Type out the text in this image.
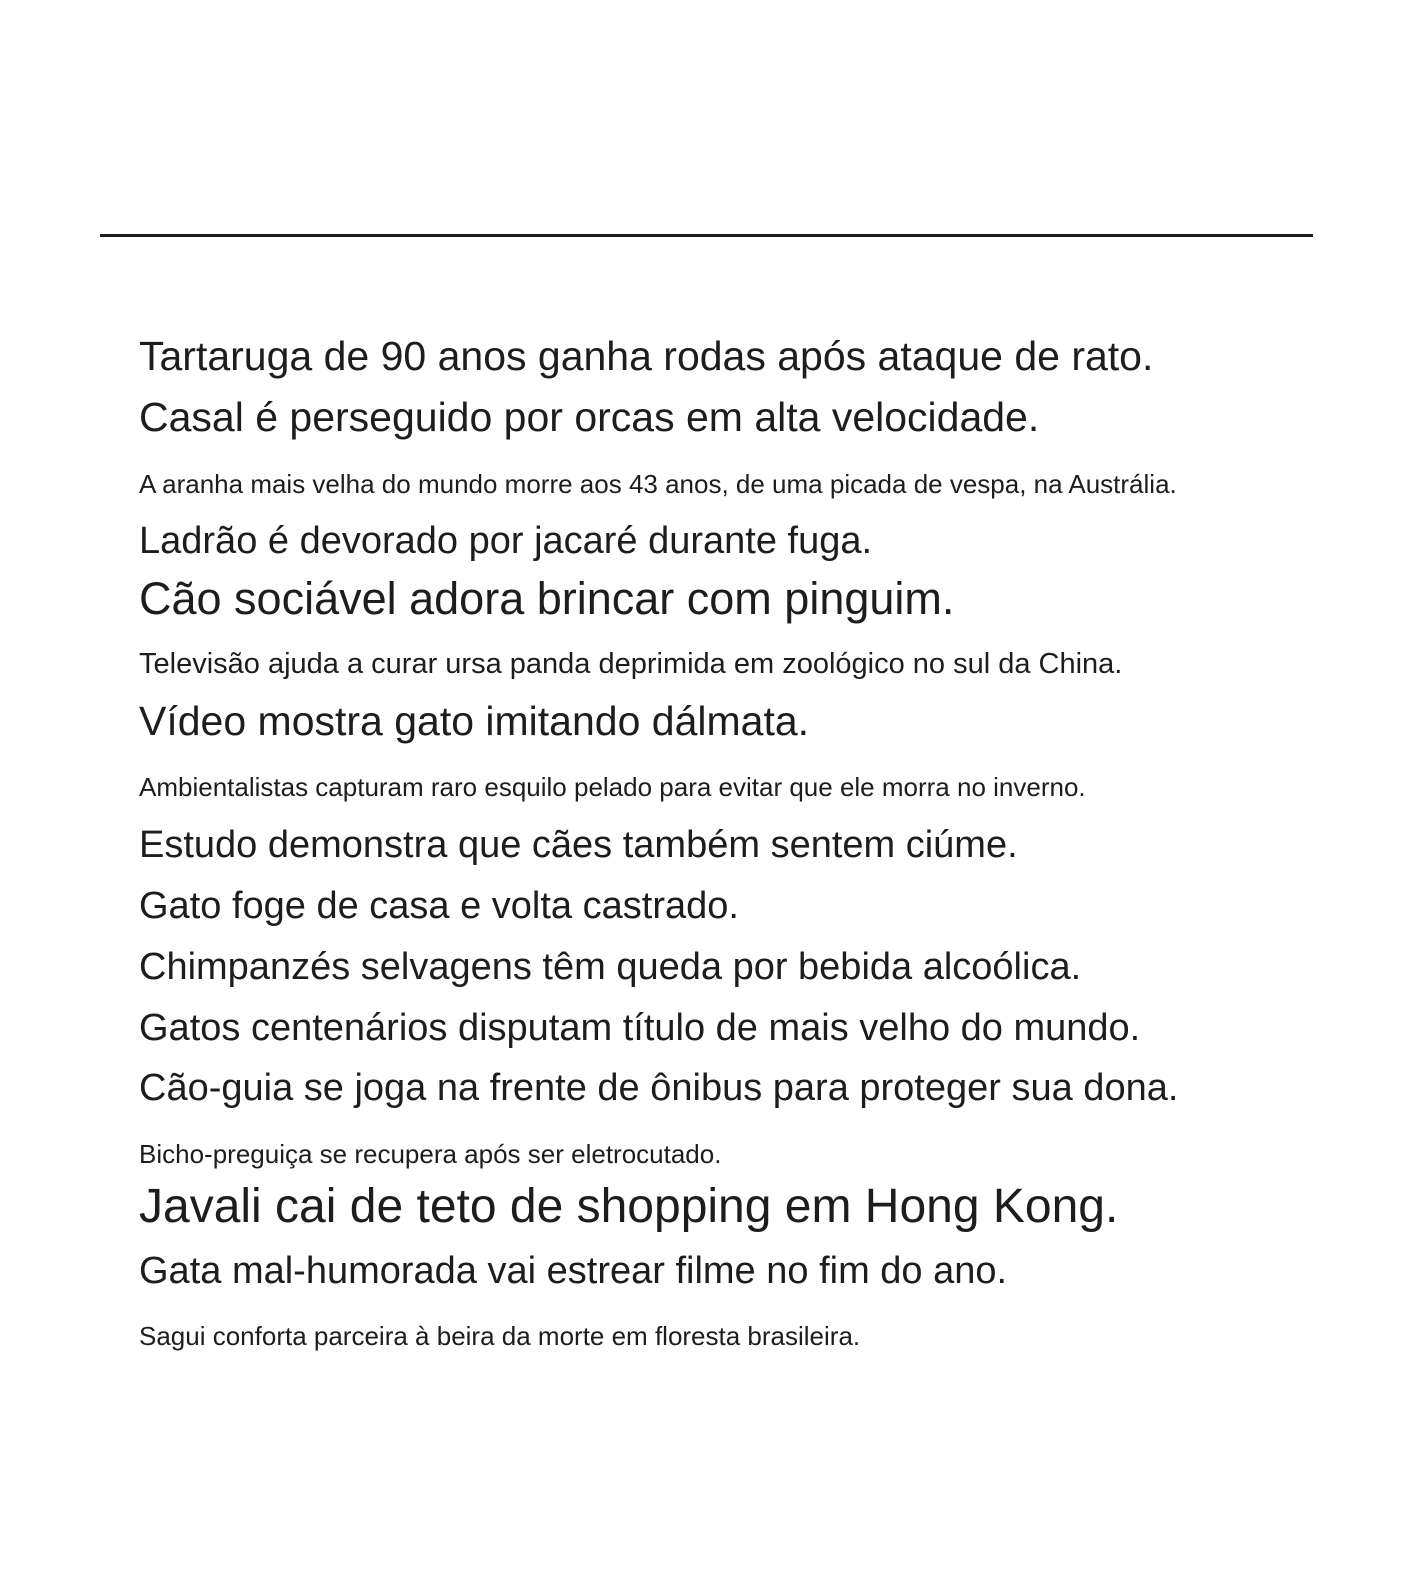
Tartaruga de 90 anos ganha rodas após ataque de rato.
Casal é perseguido por orcas em alta velocidade.
A aranha mais velha do mundo morre aos 43 anos, de uma picada de vespa, na Austrália.
Ladrão é devorado por jacaré durante fuga.
Cão sociável adora brincar com pinguim.
Televisão ajuda a curar ursa panda deprimida em zoológico no sul da China.
Vídeo mostra gato imitando dálmata.
Ambientalistas capturam raro esquilo pelado para evitar que ele morra no inverno.
Estudo demonstra que cães também sentem ciúme.
Gato foge de casa e volta castrado.
Chimpanzés selvagens têm queda por bebida alcoólica.
Gatos centenários disputam título de mais velho do mundo.
Cão-guia se joga na frente de ônibus para proteger sua dona.
Bicho-preguiça se recupera após ser eletrocutado.
Javali cai de teto de shopping em Hong Kong.
Gata mal-humorada vai estrear filme no fim do ano.
Sagui conforta parceira à beira da morte em floresta brasileira.
